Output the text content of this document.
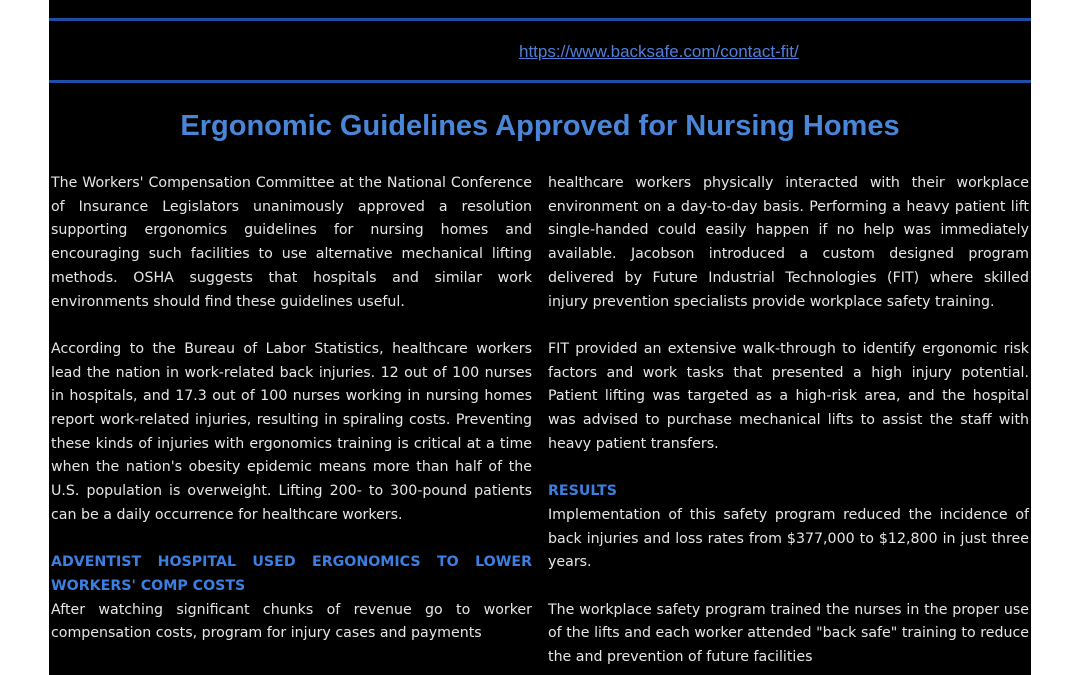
https://www.backsafe.com/contact-fit/
Ergonomic Guidelines Approved for Nursing Homes

The Workers' Compensation Committee at the National Conference of Insurance Legislators unanimously approved a resolution supporting ergonomics guidelines for nursing homes and encouraging such facilities to use alternative mechanical lifting methods. OSHA suggests that hospitals and similar work environments should find these guidelines useful.

According to the Bureau of Labor Statistics, healthcare workers lead the nation in work-related back injuries. 12 out of 100 nurses in hospitals, and 17.3 out of 100 nurses working in nursing homes report work-related injuries, resulting in spiraling costs. Preventing these kinds of injuries with ergonomics training is critical at a time when the nation's obesity epidemic means more than half of the U.S. population is overweight. Lifting 200- to 300-pound patients can be a daily occurrence for healthcare workers.

ADVENTIST HOSPITAL USED ERGONOMICS TO LOWER WORKERS' COMP COSTS

After watching significant chunks of revenue go to worker compensation costs, program for injury cases and payments

healthcare workers physically interacted with their workplace environment on a day-to-day basis. Performing a heavy patient lift single-handed could easily happen if no help was immediately available. Jacobson introduced a custom designed program delivered by Future Industrial Technologies (FIT) where skilled injury prevention specialists provide workplace safety training.

FIT provided an extensive walk-through to identify ergonomic risk factors and work tasks that presented a high injury potential. Patient lifting was targeted as a high-risk area, and the hospital was advised to purchase mechanical lifts to assist the staff with heavy patient transfers.

RESULTS

Implementation of this safety program reduced the incidence of back injuries and loss rates from $377,000 to $12,800 in just three years.

The workplace safety program trained the nurses in the proper use of the lifts and each worker attended "back safe" training to reduce the and prevention of future facilities
